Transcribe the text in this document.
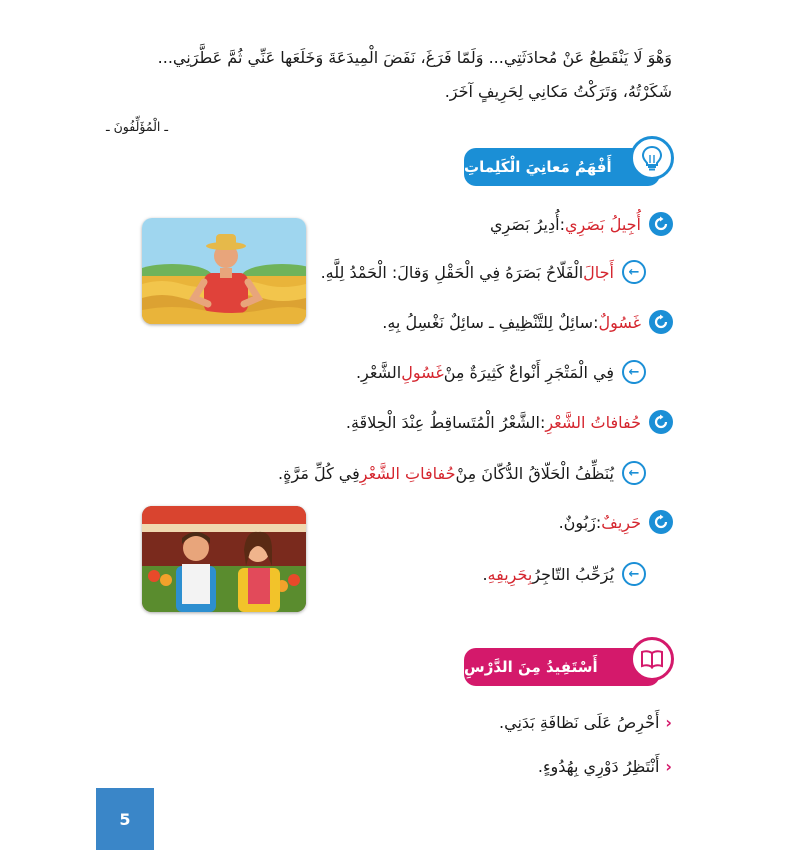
وَهْوَ لَا يَنْقَطِعُ عَنْ مُحادَثَتِي... وَلَمّا فَرَغَ، نَفَضَ الْمِيدَعَةَ وَخَلَعَها عَنِّي ثُمَّ عَطَّرَنِي...
شَكَرْتُهُ، وَتَرَكْتُ مَكانِي لِحَرِيفٍ آخَرَ.
ـ الْمُؤَلِّفُونَ ـ
أَفْهَمُ مَعانِيَ الْكَلِماتِ
أُجِيلُ بَصَرِي
:
أُدِيرُ بَصَرِي
←
أَجالَ
الْفَلّاحُ بَصَرَهُ فِي الْحَقْلِ وَقالَ: الْحَمْدُ لِلَّهِ.
غَسُولٌ
:
سائِلٌ لِلتَّنْظِيفِ ـ سائِلٌ نَغْسِلُ بِهِ.
←
فِي الْمَتْجَرِ أَنْواعٌ كَثِيرَةٌ مِنْ
غَسُولِ
الشَّعْرِ.
حُفافاتُ الشَّعْرِ
:
الشَّعْرُ الْمُتَساقِطُ عِنْدَ الْحِلاقَةِ.
←
يُنَظِّفُ الْحَلّاقُ الدُّكّانَ مِنْ
حُفافاتِ الشَّعْرِ
فِي كُلِّ مَرَّةٍ.
حَرِيفٌ
:
زَبُونٌ.
←
يُرَحِّبُ التّاجِرُ
بِحَرِيفِهِ
.
أَسْتَفِيدُ مِنَ الدَّرْسِ
‹
أَحْرِصُ عَلَى نَظافَةِ بَدَنِي.
‹
أَنْتَظِرُ دَوْرِي بِهُدُوءٍ.
5
